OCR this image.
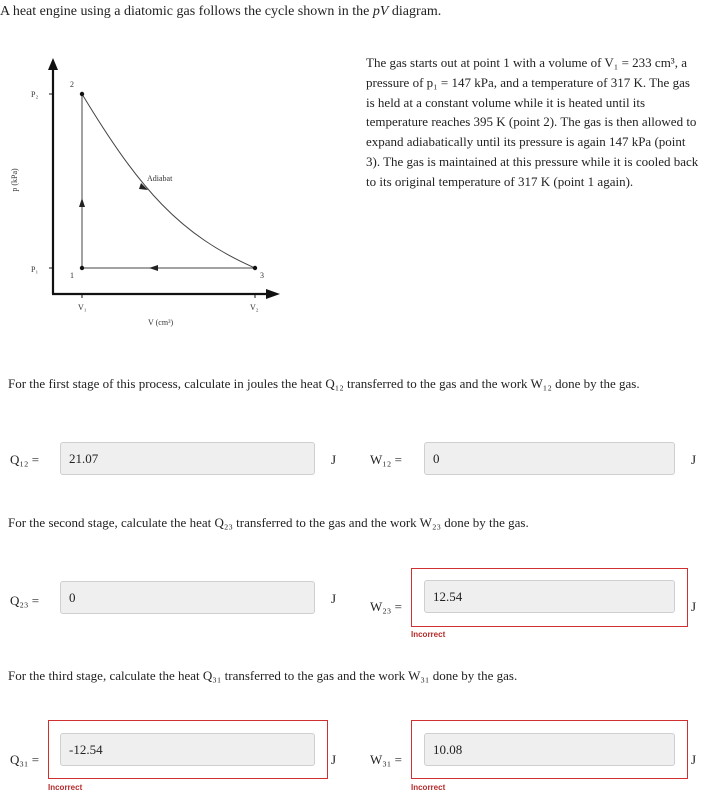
A heat engine using a diatomic gas follows the cycle shown in the pV diagram.
P₂
P₁
2
1	3
Adiabat
V₁	V₂
V (cm³)
p (kPa)
The gas starts out at point 1 with a volume of V₁ = 233 cm³, a pressure of p₁ = 147 kPa, and a temperature of 317 K. The gas is held at a constant volume while it is heated until its temperature reaches 395 K (point 2). The gas is then allowed to expand adiabatically until its pressure is again 147 kPa (point 3). The gas is maintained at this pressure while it is cooled back to its original temperature of 317 K (point 1 again).
For the first stage of this process, calculate in joules the heat Q₁₂ transferred to the gas and the work W₁₂ done by the gas.
Q₁₂ =	21.07	J	W₁₂ =	0	J
For the second stage, calculate the heat Q₂₃ transferred to the gas and the work W₂₃ done by the gas.
Q₂₃ =	0	J
W₂₃ =
12.54
J
Incorrect
For the third stage, calculate the heat Q₃₁ transferred to the gas and the work W₃₁ done by the gas.
Q₃₁ =
-12.54
J
Incorrect
W₃₁ =
10.08
J
Incorrect
